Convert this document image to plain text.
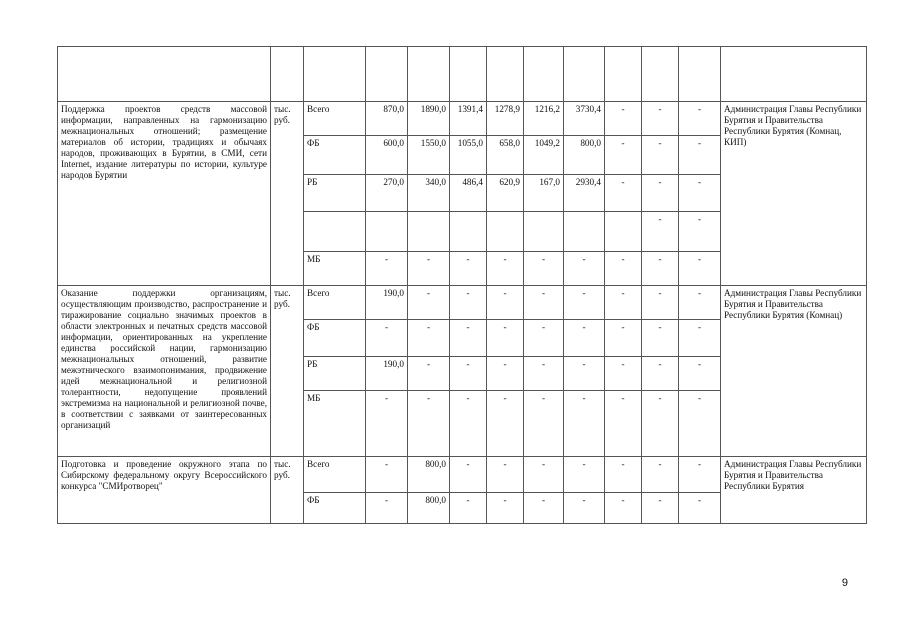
Поддержка проектов средств массовой информации, направленных на гармонизацию межнациональных отношений; размещение материалов об истории, традициях и обычаях народов, проживающих в Бурятии, в СМИ, сети Internet, издание литературы по истории, культуре народов Бурятии	тыс. руб.	Всего	870,0	1890,0	1391,4	1278,9	1216,2	3730,4	-	-	-	Администрация Главы Республики Бурятия и Правительства Республики Бурятия (Комнац, КИП)
		ФБ	600,0	1550,0	1055,0	658,0	1049,2	800,0	-	-	-	
		РБ	270,0	340,0	486,4	620,9	167,0	2930,4	-	-	-	
										-	-	
		МБ	-	-	-	-	-	-	-	-	-	
Оказание поддержки организациям, осуществляющим производство, распространение и тиражирование социально значимых проектов в области электронных и печатных средств массовой информации, ориентированных на укрепление единства российской нации, гармонизацию межнациональных отношений, развитие межэтнического взаимопонимания, продвижение идей межнациональной и религиозной толерантности, недопущение проявлений экстремизма на национальной и религиозной почве, в соответствии с заявками от заинтересованных организаций	тыс. руб.	Всего	190,0	-	-	-	-	-	-	-	-	Администрация Главы Республики Бурятия и Правительства Республики Бурятия (Комнац)
		ФБ	-	-	-	-	-	-	-	-	-	
		РБ	190,0	-	-	-	-	-	-	-	-	
		МБ	-	-	-	-	-	-	-	-	-	
Подготовка и проведение окружного этапа по Сибирскому федеральному округу Всероссийского конкурса "СМИротворец"	тыс. руб.	Всего	-	800,0	-	-	-	-	-	-	-	Администрация Главы Республики Бурятия и Правительства Республики Бурятия
		ФБ	-	800,0	-	-	-	-	-	-	-	
9
